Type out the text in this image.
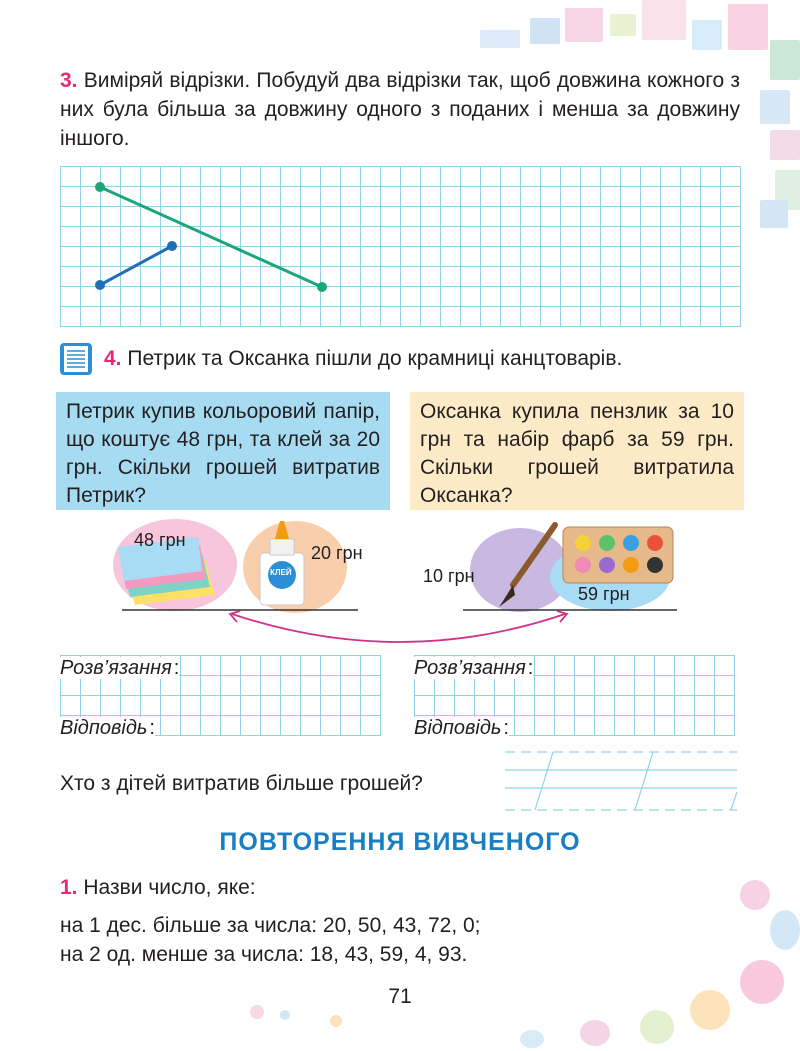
3. Виміряй відрізки. Побудуй два відрізки так, щоб довжина кожного з них була більша за довжину одного з поданих і менша за довжину іншого.
4. Петрик та Оксанка пішли до крамниці канцтоварів.
Петрик купив кольоровий папір, що коштує 48 грн, та клей за 20 грн. Скільки грошей витратив Петрик?
Оксанка купила пензлик за 10 грн та набір фарб за 59 грн. Скільки грошей витратила Оксанка?
48 грн
20 грн
КЛЕЙ	10 грн
59 грн
Розв’язання :
Відповідь :
Розв’язання :
Відповідь :
Хто з дітей витратив більше грошей?
ПОВТОРЕННЯ ВИВЧЕНОГО
1. Назви число, яке:
на 1 дес. більше за числа: 20, 50, 43, 72, 0;
на 2 од. менше за числа: 18, 43, 59, 4, 93.
71
